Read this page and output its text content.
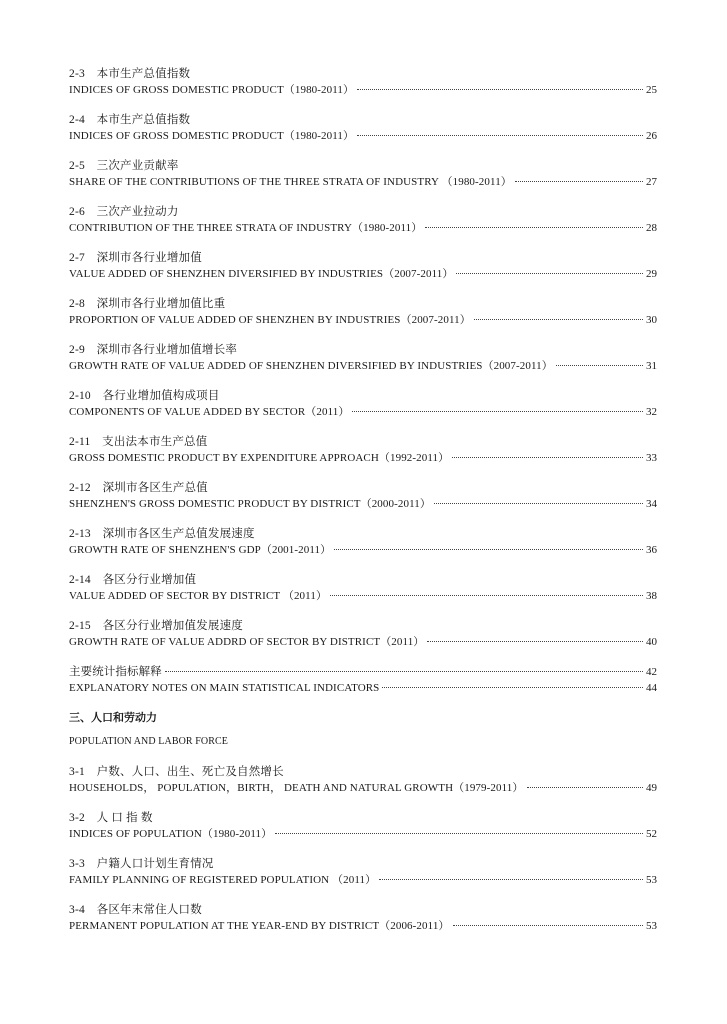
2-3　本市生产总值指数
INDICES OF GROSS DOMESTIC PRODUCT（1980-2011）	25
2-4　本市生产总值指数
INDICES OF GROSS DOMESTIC PRODUCT（1980-2011）	26
2-5　三次产业贡献率
SHARE OF THE CONTRIBUTIONS OF THE THREE STRATA OF INDUSTRY （1980-2011）	27
2-6　三次产业拉动力
CONTRIBUTION OF THE THREE STRATA OF INDUSTRY（1980-2011）	28
2-7　深圳市各行业增加值
VALUE ADDED OF SHENZHEN DIVERSIFIED BY INDUSTRIES（2007-2011）	29
2-8　深圳市各行业增加值比重
PROPORTION OF VALUE ADDED OF SHENZHEN BY INDUSTRIES（2007-2011）	30
2-9　深圳市各行业增加值增长率
GROWTH RATE OF VALUE ADDED OF SHENZHEN DIVERSIFIED BY INDUSTRIES（2007-2011）	31
2-10　各行业增加值构成项目
COMPONENTS OF VALUE ADDED BY SECTOR（2011）	32
2-11　支出法本市生产总值
GROSS DOMESTIC PRODUCT BY EXPENDITURE APPROACH（1992-2011）	33
2-12　深圳市各区生产总值
SHENZHEN'S GROSS DOMESTIC PRODUCT BY DISTRICT（2000-2011）	34
2-13　深圳市各区生产总值发展速度
GROWTH RATE OF SHENZHEN'S GDP（2001-2011）	36
2-14　各区分行业增加值
VALUE ADDED OF SECTOR BY DISTRICT （2011）	38
2-15　各区分行业增加值发展速度
GROWTH RATE OF VALUE ADDRD OF SECTOR BY DISTRICT（2011）	40
主要统计指标解释	42
EXPLANATORY NOTES ON MAIN STATISTICAL INDICATORS	44
三、人口和劳动力
POPULATION AND LABOR FORCE
3-1　户数、人口、出生、死亡及自然增长
HOUSEHOLDS， POPULATION，BIRTH， DEATH AND NATURAL GROWTH（1979-2011）	49
3-2　人 口 指 数
INDICES OF POPULATION（1980-2011）	52
3-3　户籍人口计划生育情况
FAMILY PLANNING OF REGISTERED POPULATION （2011）	53
3-4　各区年末常住人口数
PERMANENT POPULATION AT THE YEAR-END BY DISTRICT（2006-2011）	53
